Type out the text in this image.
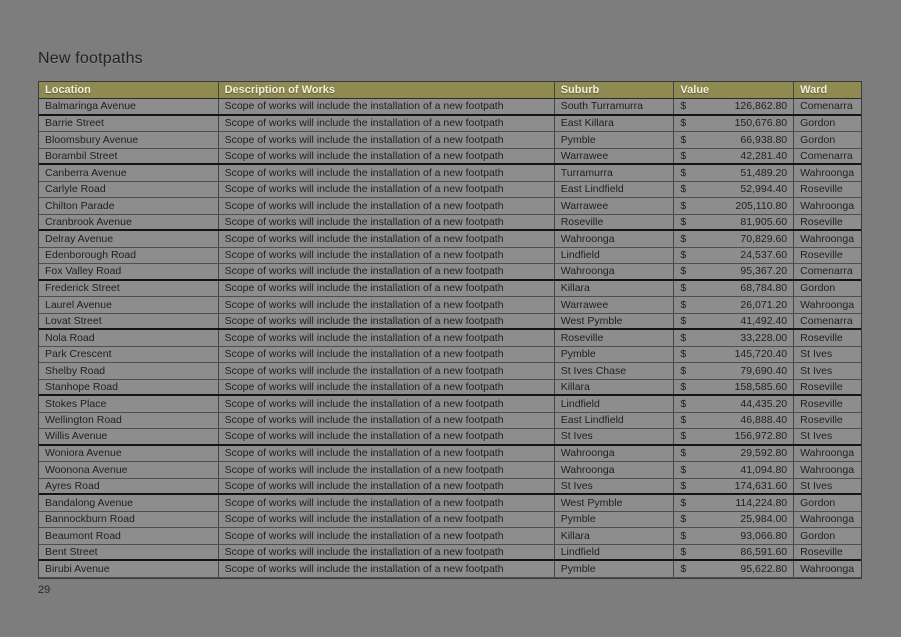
New footpaths
Location	Description of Works	Suburb	Value	Ward
Balmaringa Avenue	Scope of works will include the installation of a new footpath	South Turramurra	$	126,862.80	Comenarra
Barrie Street	Scope of works will include the installation of a new footpath	East Killara	$	150,676.80	Gordon
Bloomsbury Avenue	Scope of works will include the installation of a new footpath	Pymble	$	66,938.80	Gordon
Borambil Street	Scope of works will include the installation of a new footpath	Warrawee	$	42,281.40	Comenarra
Canberra Avenue	Scope of works will include the installation of a new footpath	Turramurra	$	51,489.20	Wahroonga
Carlyle Road	Scope of works will include the installation of a new footpath	East Lindfield	$	52,994.40	Roseville
Chilton Parade	Scope of works will include the installation of a new footpath	Warrawee	$	205,110.80	Wahroonga
Cranbrook Avenue	Scope of works will include the installation of a new footpath	Roseville	$	81,905.60	Roseville
Delray Avenue	Scope of works will include the installation of a new footpath	Wahroonga	$	70,829.60	Wahroonga
Edenborough Road	Scope of works will include the installation of a new footpath	Lindfield	$	24,537.60	Roseville
Fox Valley Road	Scope of works will include the installation of a new footpath	Wahroonga	$	95,367.20	Comenarra
Frederick Street	Scope of works will include the installation of a new footpath	Killara	$	68,784.80	Gordon
Laurel Avenue	Scope of works will include the installation of a new footpath	Warrawee	$	26,071.20	Wahroonga
Lovat Street	Scope of works will include the installation of a new footpath	West Pymble	$	41,492.40	Comenarra
Nola Road	Scope of works will include the installation of a new footpath	Roseville	$	33,228.00	Roseville
Park Crescent	Scope of works will include the installation of a new footpath	Pymble	$	145,720.40	St Ives
Shelby Road	Scope of works will include the installation of a new footpath	St Ives Chase	$	79,690.40	St Ives
Stanhope Road	Scope of works will include the installation of a new footpath	Killara	$	158,585.60	Roseville
Stokes Place	Scope of works will include the installation of a new footpath	Lindfield	$	44,435.20	Roseville
Wellington Road	Scope of works will include the installation of a new footpath	East Lindfield	$	46,888.40	Roseville
Willis Avenue	Scope of works will include the installation of a new footpath	St Ives	$	156,972.80	St Ives
Woniora Avenue	Scope of works will include the installation of a new footpath	Wahroonga	$	29,592.80	Wahroonga
Woonona Avenue	Scope of works will include the installation of a new footpath	Wahroonga	$	41,094.80	Wahroonga
Ayres Road	Scope of works will include the installation of a new footpath	St Ives	$	174,631.60	St Ives
Bandalong Avenue	Scope of works will include the installation of a new footpath	West Pymble	$	114,224.80	Gordon
Bannockburn Road	Scope of works will include the installation of a new footpath	Pymble	$	25,984.00	Wahroonga
Beaumont Road	Scope of works will include the installation of a new footpath	Killara	$	93,066.80	Gordon
Bent Street	Scope of works will include the installation of a new footpath	Lindfield	$	86,591.60	Roseville
Birubi Avenue	Scope of works will include the installation of a new footpath	Pymble	$	95,622.80	Wahroonga
29
